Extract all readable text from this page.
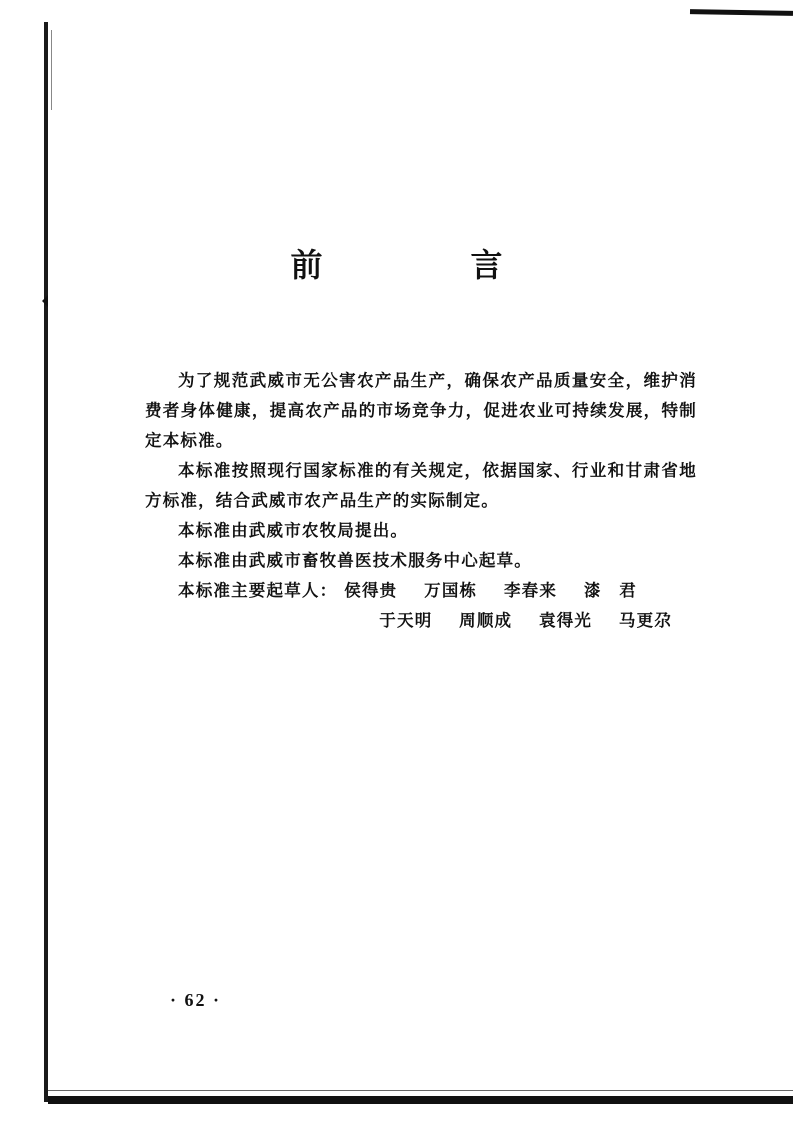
前　言

为了规范武威市无公害农产品生产，确保农产品质量安全，维护消费者身体健康，提高农产品的市场竞争力，促进农业可持续发展，特制定本标准。

本标准按照现行国家标准的有关规定，依据国家、行业和甘肃省地方标准，结合武威市农产品生产的实际制定。

本标准由武威市农牧局提出。

本标准由武威市畜牧兽医技术服务中心起草。

本标准主要起草人： 侯得贵 万国栋 李春来 漆　君
于天明 周顺成 袁得光 马更尕
· 62 ·
